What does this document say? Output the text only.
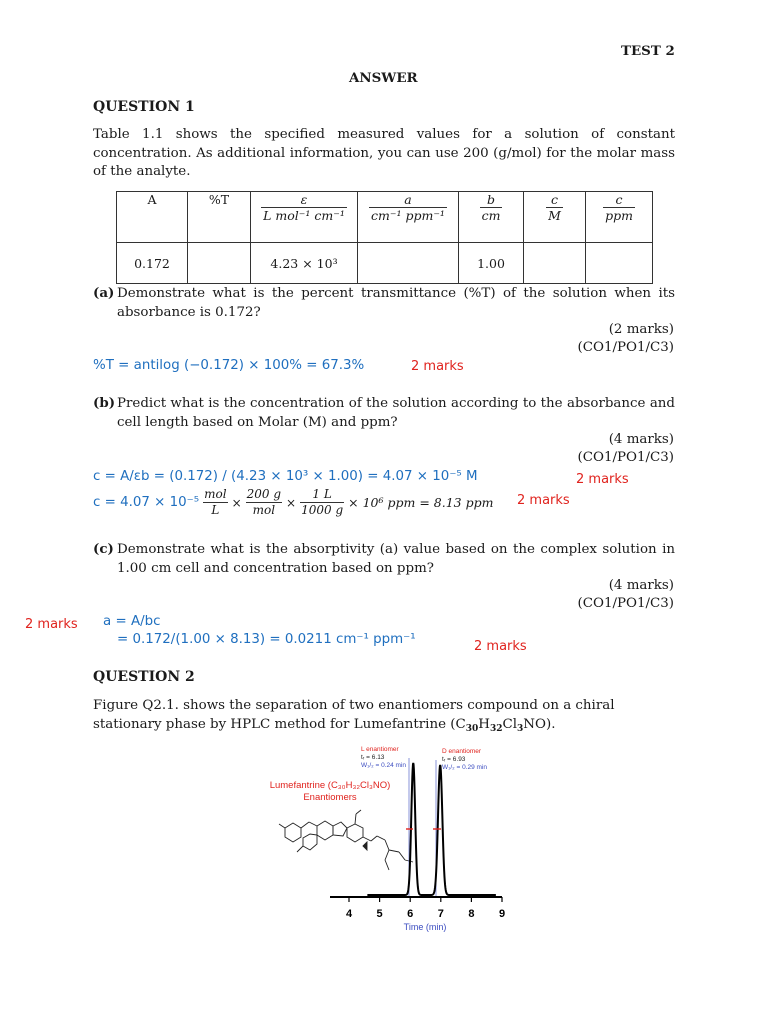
TEST 2
ANSWER
QUESTION 1

Table 1.1 shows the specified measured values for a solution of constant concentration. As additional information, you can use 200 (g/mol) for the molar mass of the analyte.

A	%T	$\frac{\varepsilon}{\text{L mol⁻¹ cm⁻¹}}$	$\frac{a}{\text{cm⁻¹ ppm⁻¹}}$	$\frac{b}{cm}$	$\frac{c}{M}$	$\frac{c}{\text{ppm}}$

0.172		4.23 × 10³		1.00		
(a) Demonstrate what is the percent transmittance (%T) of the solution when its absorbance is 0.172?

(2 marks)
(CO1/PO1/C3)
%T = antilog (−0.172) × 100% = 67.3%	2 marks
(b) Predict what is the concentration of the solution according to the absorbance and cell length based on Molar (M) and ppm?

(4 marks)
(CO1/PO1/C3)
c = A/εb = (0.172) / (4.23 × 10³ × 1.00) = 4.07 × 10⁻⁵ M	2 marks
c = 4.07 × 10⁻⁵
mol
L
×
200 g
mol
× $\frac{1 L}{1000 g} \times 10^6$ ppm = 8.13 ppm 2 marks
(c) Demonstrate what is the absorptivity (a) value based on the complex solution in 1.00 cm cell and concentration based on ppm?

(4 marks)
(CO1/PO1/C3)
2 marks a = A/bc
= 0.172/(1.00 × 8.13) = 0.0211 cm⁻¹ ppm⁻¹	2 marks
QUESTION 2

Figure Q2.1. shows the separation of two enantiomers compound on a chiral stationary phase by HPLC method for Lumefantrine $(C_{30}H_{32}Cl_3NO)$.

Lumefantrine (C₃₀H₃₂Cl₃NO)
Enantiomers
L enantiomer
tᵣ = 6.13
W₁/₂ = 0.24 min
D enantiomer
tᵣ = 6.93
W₁/₂ = 0.29 min
4 5 6 7 8 9
Time (min)
